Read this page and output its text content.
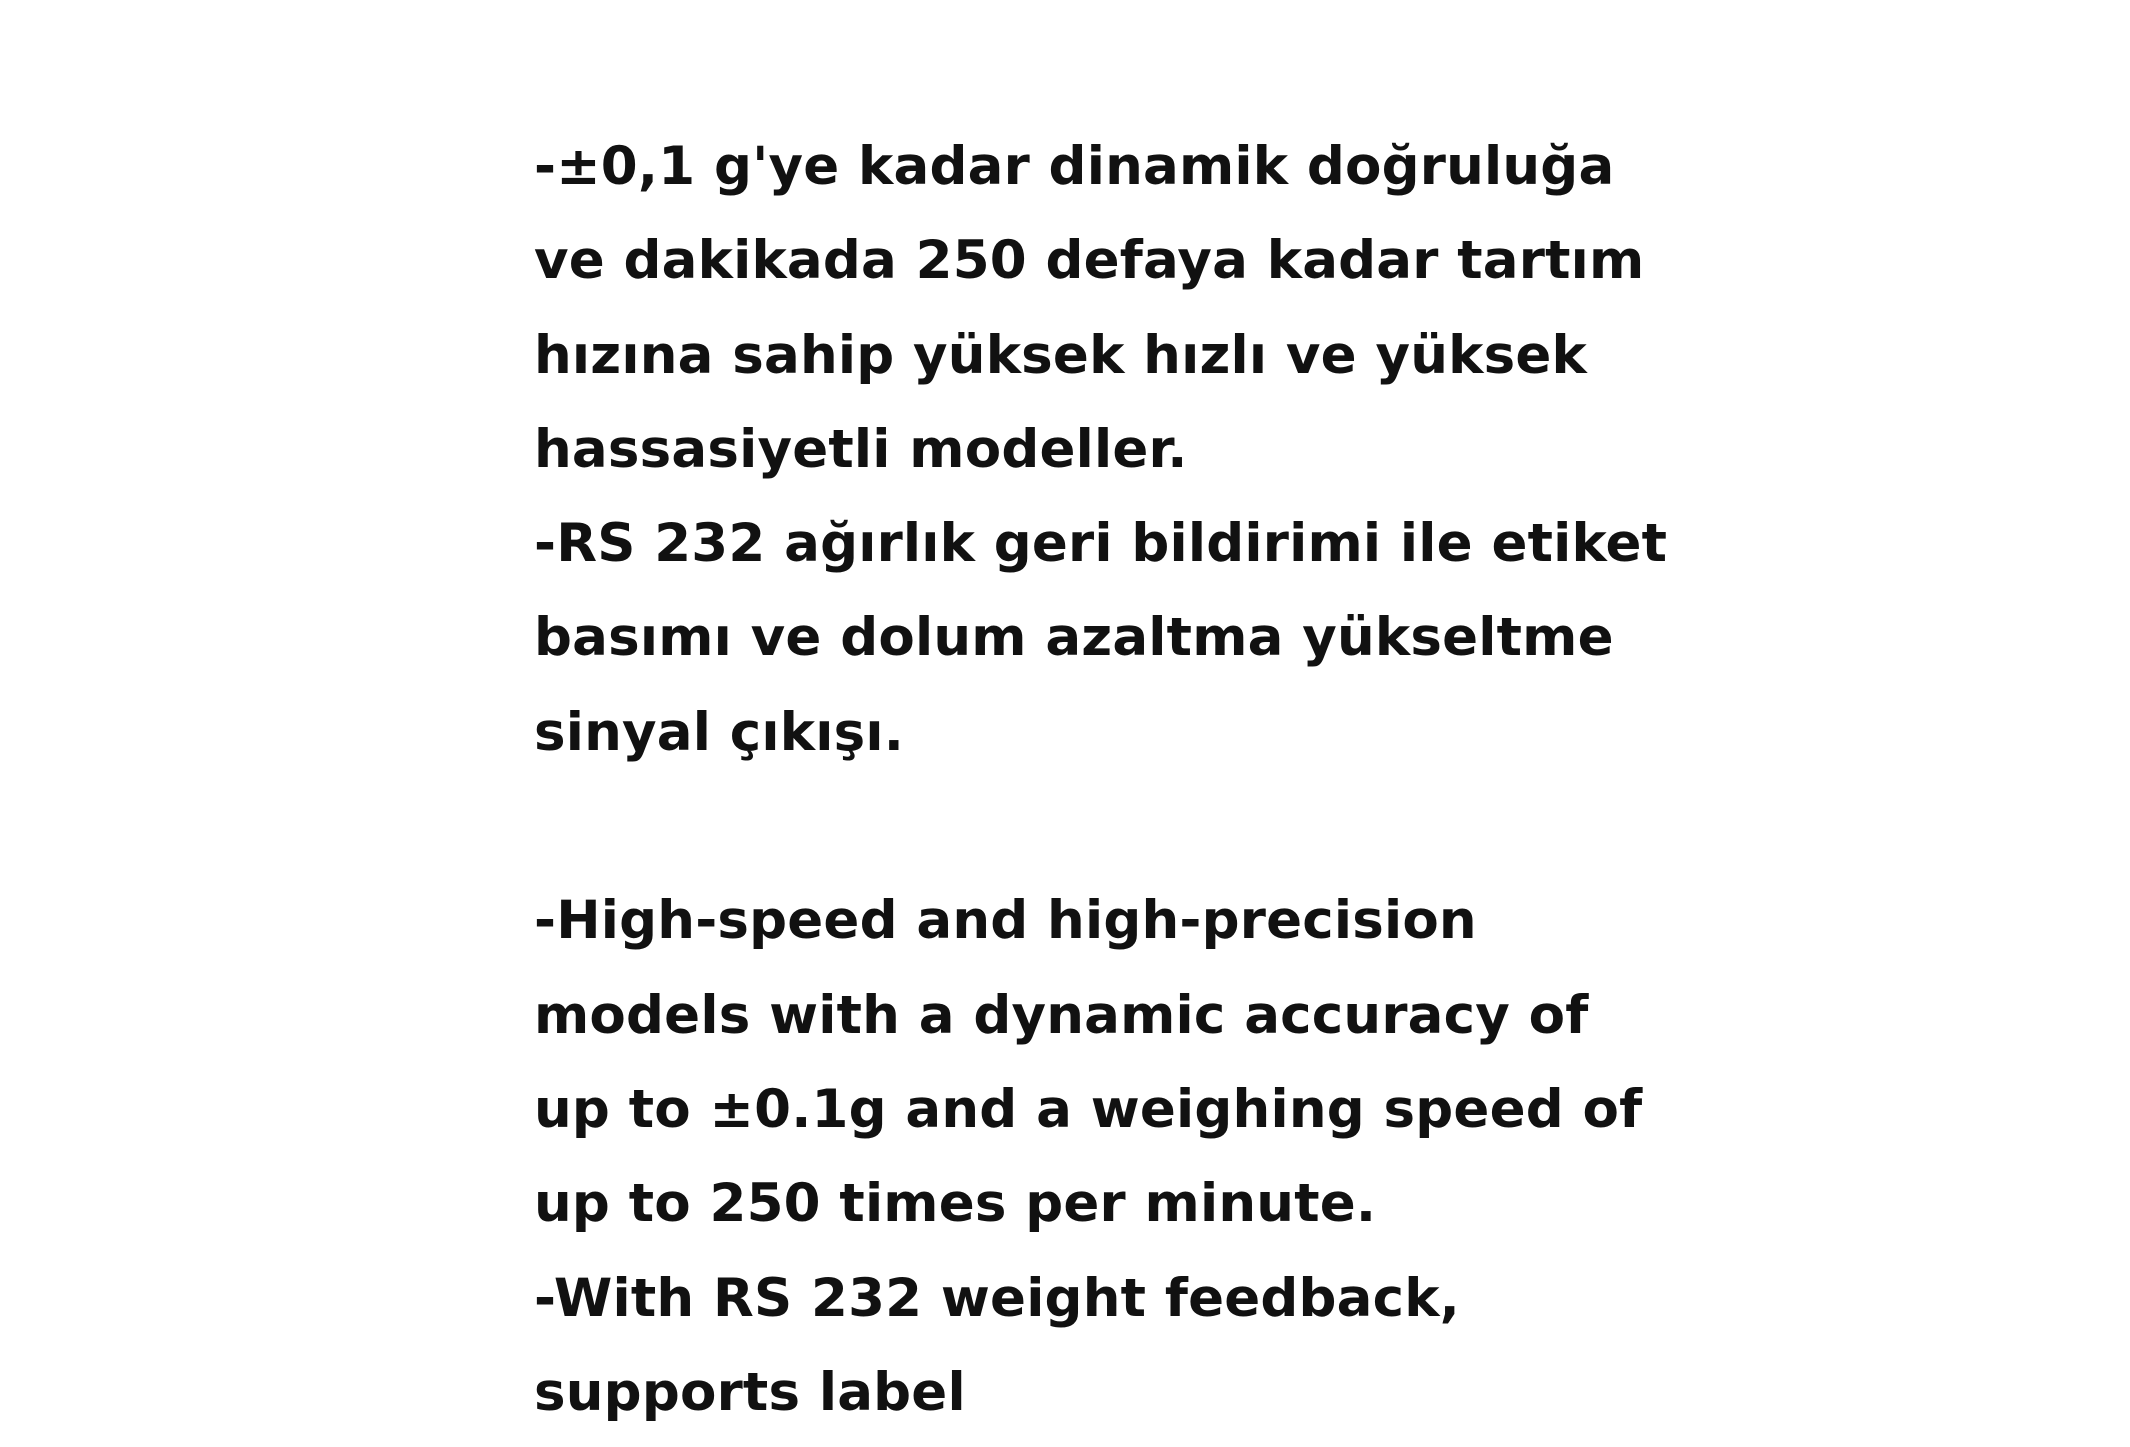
-±0,1 g'ye kadar dinamik doğruluğa
ve dakikada 250 defaya kadar tartım
hızına sahip yüksek hızlı ve yüksek
hassasiyetli modeller.
-RS 232 ağırlık geri bildirimi ile etiket
basımı ve dolum azaltma yükseltme
sinyal çıkışı.
-High-speed and high-precision
models with a dynamic accuracy of
up to ±0.1g and a weighing speed of
up to 250 times per minute.
-With RS 232 weight feedback,
supports label
